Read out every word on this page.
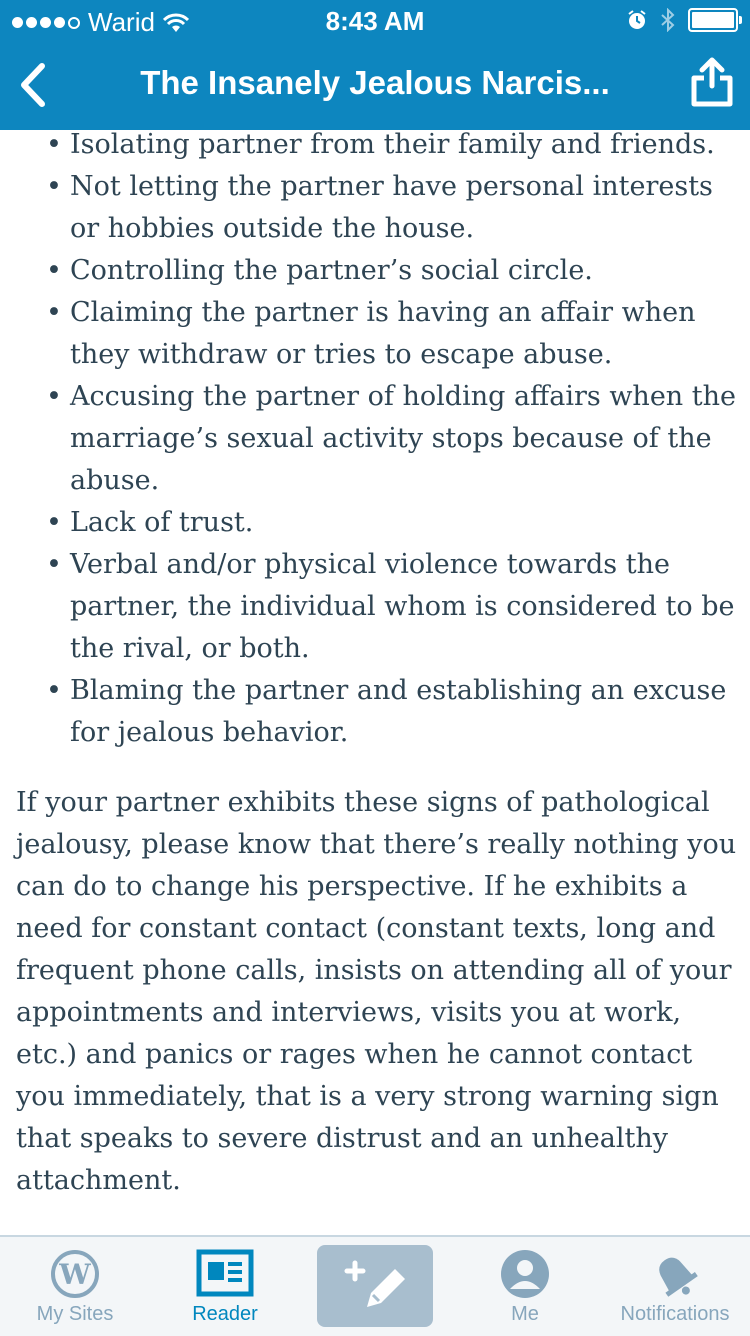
Warid	8:43 AM
The Insanely Jealous Narcis...
• Isolating partner from their family and friends.
• Not letting the partner have personal interests or hobbies outside the house.
• Controlling the partner’s social circle.
• Claiming the partner is having an affair when they withdraw or tries to escape abuse.
• Accusing the partner of holding affairs when the marriage’s sexual activity stops because of the abuse.
• Lack of trust.
• Verbal and/or physical violence towards the partner, the individual whom is considered to be the rival, or both.
• Blaming the partner and establishing an excuse for jealous behavior.

If your partner exhibits these signs of pathological jealousy, please know that there’s really nothing you can do to change his perspective. If he exhibits a need for constant contact (constant texts, long and frequent phone calls, insists on attending all of your appointments and interviews, visits you at work, etc.) and panics or rages when he cannot contact you immediately, that is a very strong warning sign that speaks to severe distrust and an unhealthy attachment.

W
My Sites	Reader	Me	Notifications
